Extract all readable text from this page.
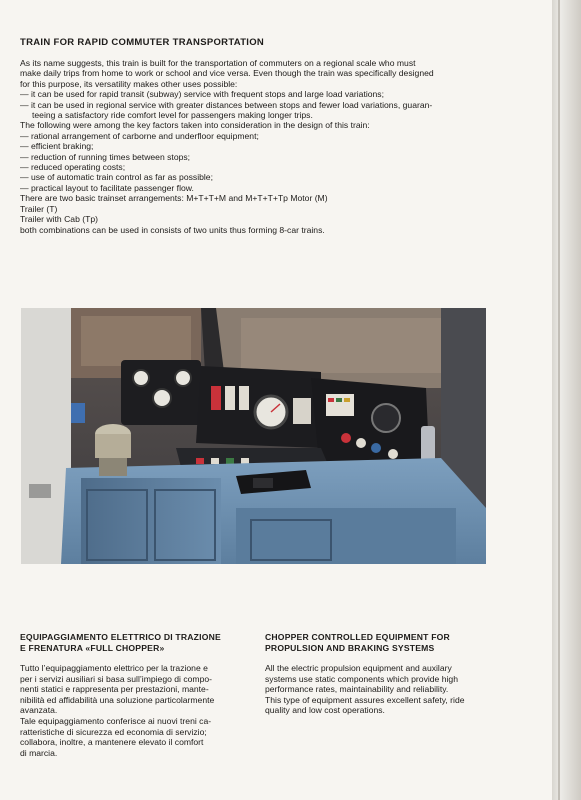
TRAIN FOR RAPID COMMUTER TRANSPORTATION

As its name suggests, this train is built for the transportation of commuters on a regional scale who must

make daily trips from home to work or school and vice versa. Even though the train was specifically designed

for this purpose, its versatility makes other uses possible:

— it can be used for rapid transit (subway) service with frequent stops and large load variations;

— it can be used in regional service with greater distances between stops and fewer load variations, guaran-

teeing a satisfactory ride comfort level for passengers making longer trips.

The following were among the key factors taken into consideration in the design of this train:

— rational arrangement of carborne and underfloor equipment;

— efficient braking;

— reduction of running times between stops;

— reduced operating costs;

— use of automatic train control as far as possible;

— practical layout to facilitate passenger flow.

There are two basic trainset arrangements: M+T+T+M and M+T+T+Tp Motor (M)

Trailer (T)

Trailer with Cab (Tp)

both combinations can be used in consists of two units thus forming 8-car trains.

EQUIPAGGIAMENTO ELETTRICO DI TRAZIONE
E FRENATURA «FULL CHOPPER»

Tutto l’equipaggiamento elettrico per la trazione e

per i servizi ausiliari si basa sull’impiego di compo-

nenti statici e rappresenta per prestazioni, mante-

nibilità ed affidabilità una soluzione particolarmente

avanzata.

Tale equipaggiamento conferisce ai nuovi treni ca-

ratteristiche di sicurezza ed economia di servizio;

collabora, inoltre, a mantenere elevato il comfort

di marcia.

CHOPPER CONTROLLED EQUIPMENT FOR
PROPULSION AND BRAKING SYSTEMS

All the electric propulsion equipment and auxilary

systems use static components which provide high

performance rates, maintainability and reliability.

This type of equipment assures excellent safety, ride

quality and low cost operations.
